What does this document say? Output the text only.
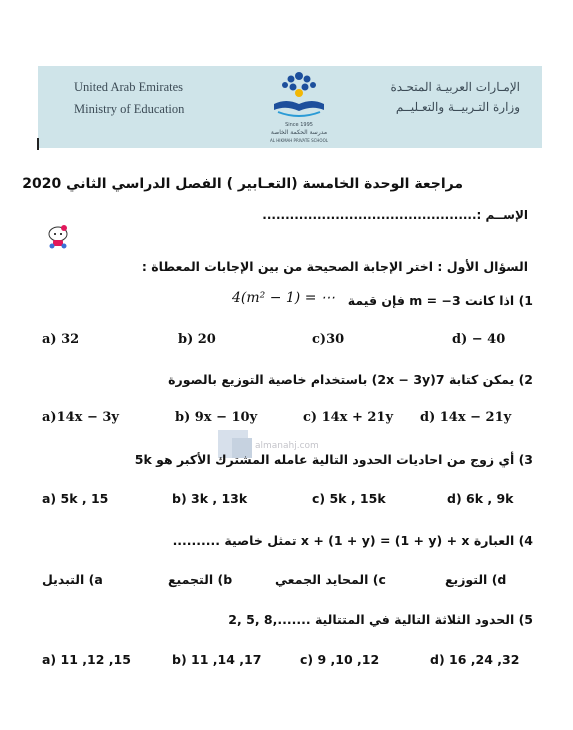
United Arab Emirates
Ministry of Education
الإمـارات العربيـة المتحـدة
وزارة التـربيــة والتعـليــم
Since 1995
مدرسة الحكمة الخاصة
AL HIKMAH PRIVATE SCHOOL
مراجعة الوحدة الخامسة (التعـابير ) الفصل الدراسي الثاني 2020
الإســم :...............................................
السؤال الأول : اختر الإجابة الصحيحة من بين الإجابات المعطاة :
1) اذا كانت m = −3 فإن قيمة
4(m² − 1) = ⋯
a) 32	b) 20	c)30	d) − 40
2) يمكن كتابة 7(2x − 3y) باستخدام خاصية التوزيع بالصورة
a)14x − 3y	b) 9x − 10y	c) 14x + 21y d) 14x − 21y
almanahj.com
3) أي زوج من احاديات الحدود التالية عامله المشترك الأكبر هو 5k
a) 5k , 15	b) 3k , 13k	c) 5k , 15k	d) 6k , 9k
4) العبارة x + (1 + y) = (1 + y) + x تمثل خاصية ..........
التبديل (a	التجميع (b	المحايد الجمعي (c	التوزيع (d
5) الحدود الثلاثة التالية في المتتالية .......,8 ,5 ,2
a) 11 ,12 ,15	b) 11 ,14 ,17	c) 9 ,10 ,12	d) 16 ,24 ,32
